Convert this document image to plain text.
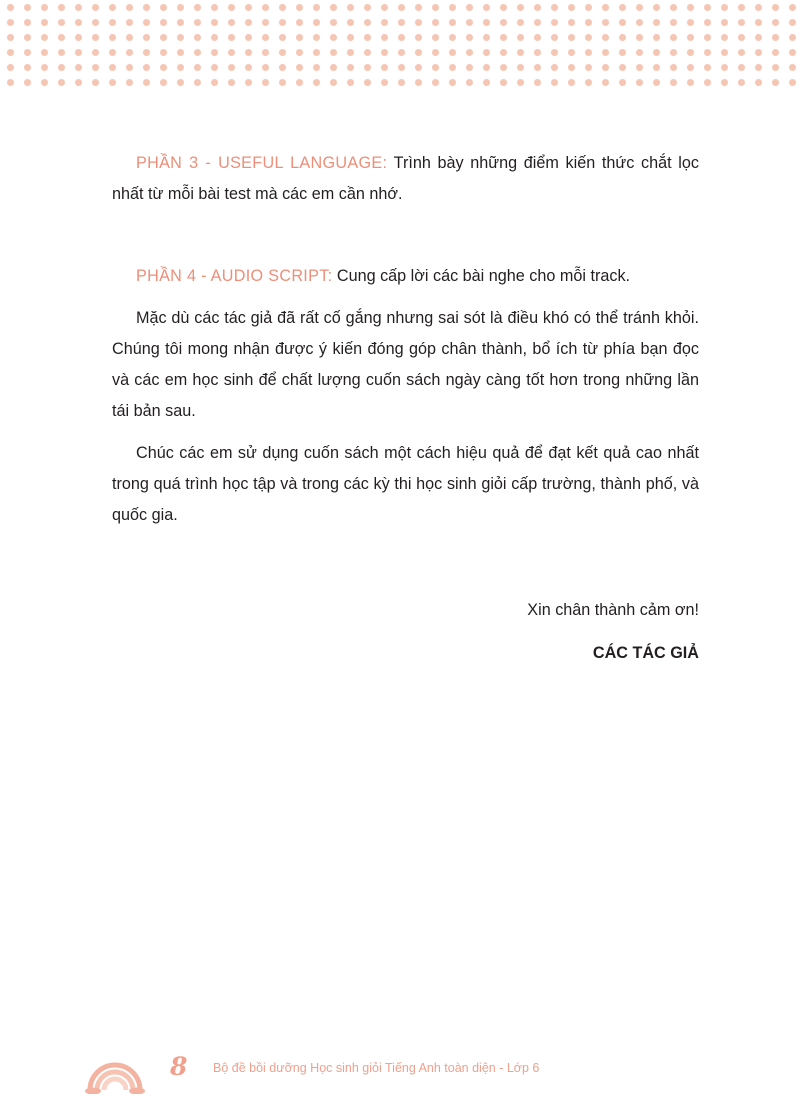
PHẦN 3 - USEFUL LANGUAGE: Trình bày những điểm kiến thức chắt lọc nhất từ mỗi bài test mà các em cần nhớ.

PHẦN 4 - AUDIO SCRIPT: Cung cấp lời các bài nghe cho mỗi track.

Mặc dù các tác giả đã rất cố gắng nhưng sai sót là điều khó có thể tránh khỏi. Chúng tôi mong nhận được ý kiến đóng góp chân thành, bổ ích từ phía bạn đọc và các em học sinh để chất lượng cuốn sách ngày càng tốt hơn trong những lần tái bản sau.

Chúc các em sử dụng cuốn sách một cách hiệu quả để đạt kết quả cao nhất trong quá trình học tập và trong các kỳ thi học sinh giỏi cấp trường, thành phố, và quốc gia.

Xin chân thành cảm ơn!

CÁC TÁC GIẢ

8 Bộ đề bồi dưỡng Học sinh giỏi Tiếng Anh toàn diện - Lớp 6
